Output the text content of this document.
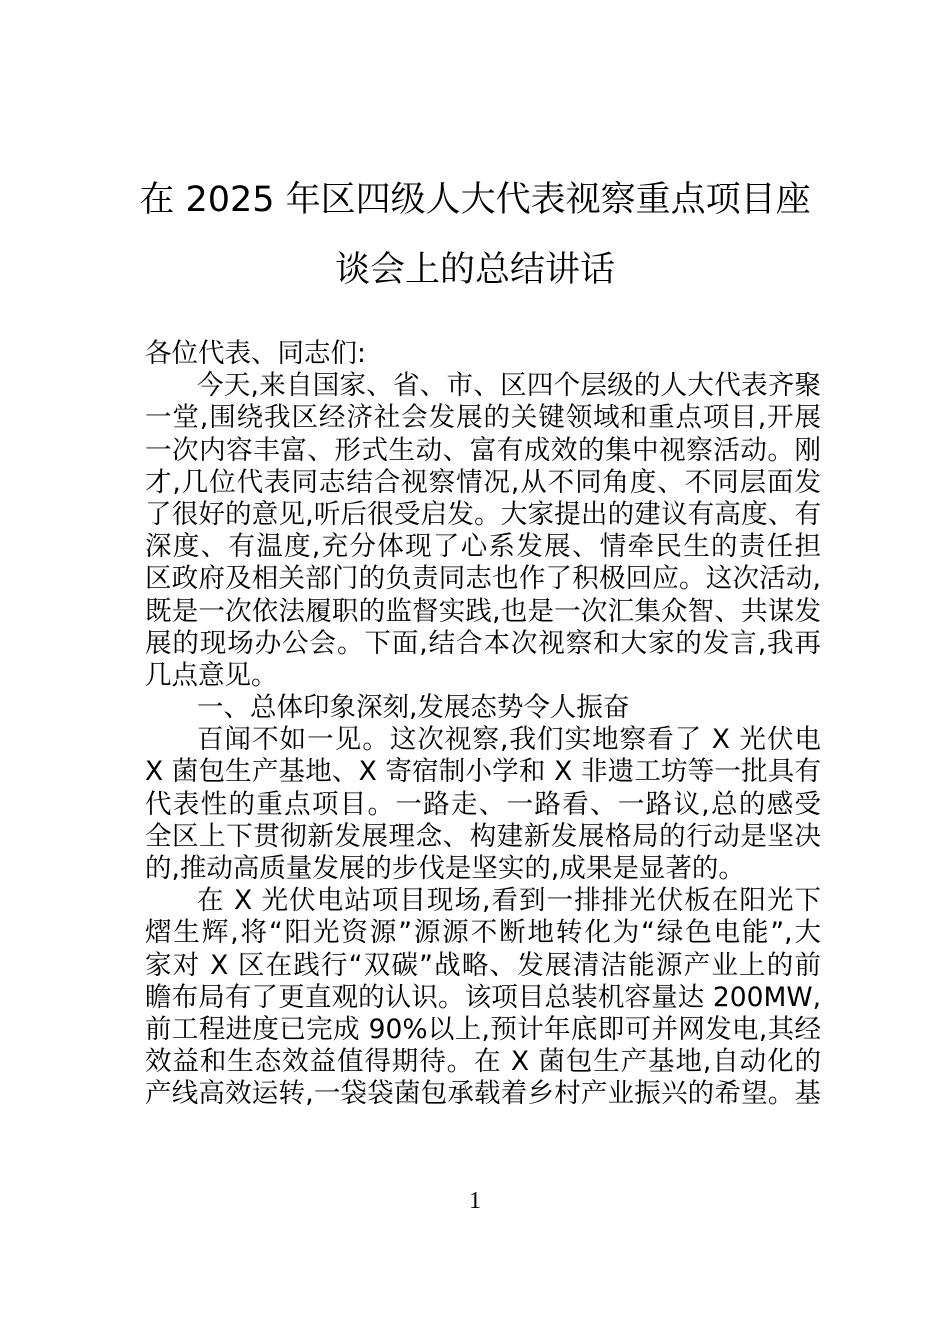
在 2025 年区四级人大代表视察重点项目座
谈会上的总结讲话
各位代表、同志们:
今天,来自国家、省、市、区四个层级的人大代表齐聚
一堂,围绕我区经济社会发展的关键领域和重点项目,开展
一次内容丰富、形式生动、富有成效的集中视察活动。刚
才,几位代表同志结合视察情况,从不同角度、不同层面发
了很好的意见,听后很受启发。大家提出的建议有高度、有
深度、有温度,充分体现了心系发展、情牵民生的责任担
区政府及相关部门的负责同志也作了积极回应。这次活动,
既是一次依法履职的监督实践,也是一次汇集众智、共谋发
展的现场办公会。下面,结合本次视察和大家的发言,我再
几点意见。
一、总体印象深刻,发展态势令人振奋
百闻不如一见。这次视察,我们实地察看了 X 光伏电
X 菌包生产基地、X 寄宿制小学和 X 非遗工坊等一批具有
代表性的重点项目。一路走、一路看、一路议,总的感受
全区上下贯彻新发展理念、构建新发展格局的行动是坚决
的,推动高质量发展的步伐是坚实的,成果是显著的。
在 X 光伏电站项目现场,看到一排排光伏板在阳光下
熠生辉,将“阳光资源”源源不断地转化为“绿色电能”,大
家对 X 区在践行“双碳”战略、发展清洁能源产业上的前
瞻布局有了更直观的认识。该项目总装机容量达 200MW,
前工程进度已完成 90%以上,预计年底即可并网发电,其经
效益和生态效益值得期待。在 X 菌包生产基地,自动化的
产线高效运转,一袋袋菌包承载着乡村产业振兴的希望。基
1
